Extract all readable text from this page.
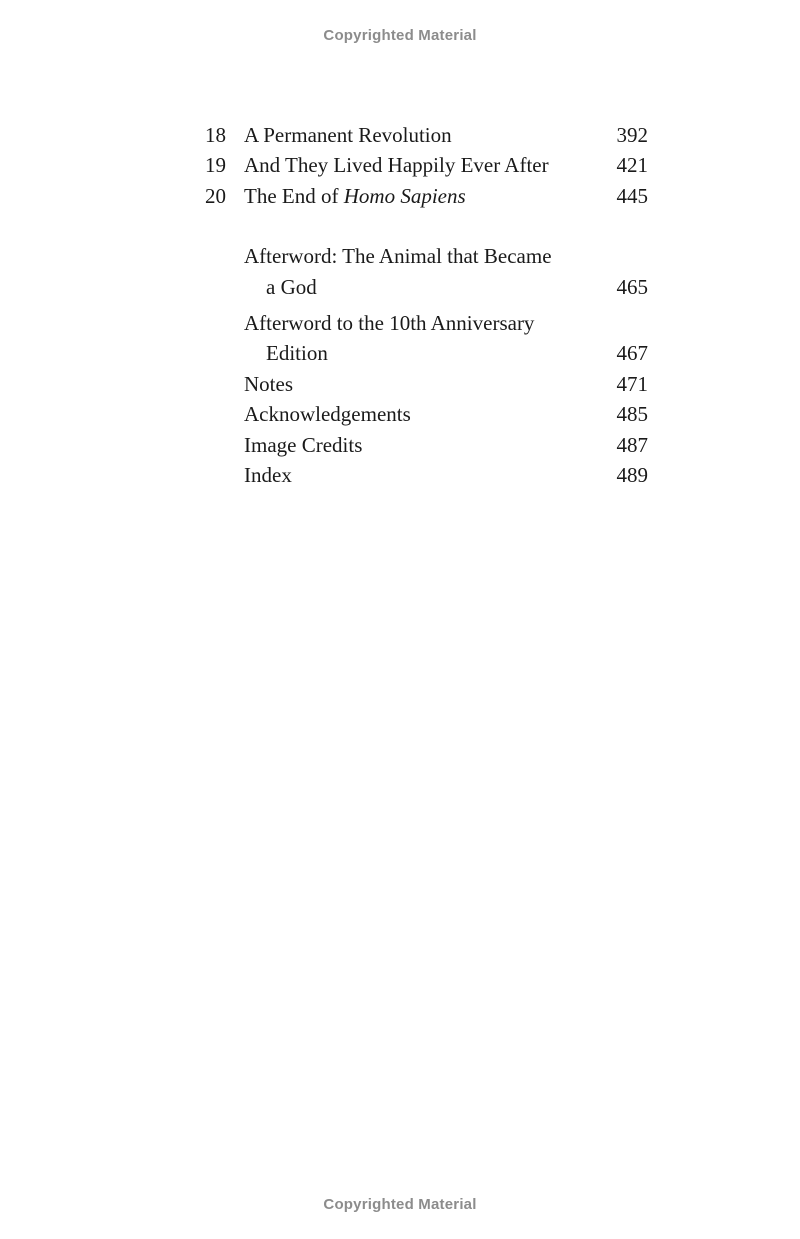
Copyrighted Material
18 A Permanent Revolution	392
19 And They Lived Happily Ever After	421
20 The End of Homo Sapiens	445
Afterword: The Animal that Became
a God	465
Afterword to the 10th Anniversary
Edition	467
Notes	471
Acknowledgements	485
Image Credits	487
Index	489
Copyrighted Material
